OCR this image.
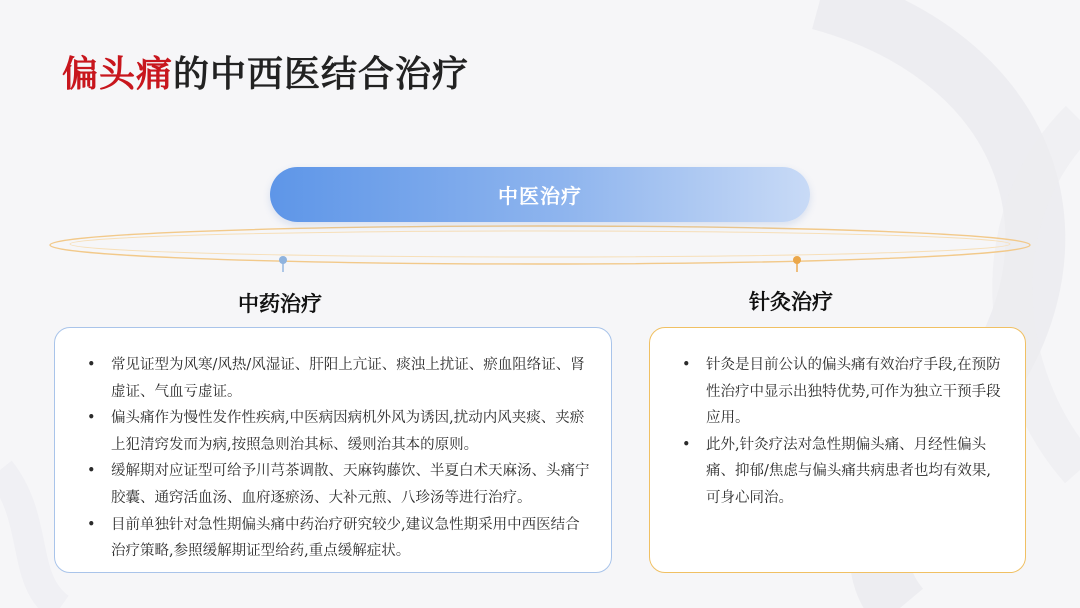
偏头痛的中西医结合治疗
中医治疗
中药治疗	针灸治疗
• 常见证型为风寒/风热/风湿证、肝阳上亢证、痰浊上扰证、瘀血阻络证、肾虚证、气血亏虚证。
• 偏头痛作为慢性发作性疾病,中医病因病机外风为诱因,扰动内风夹痰、夹瘀上犯清窍发而为病,按照急则治其标、缓则治其本的原则。
• 缓解期对应证型可给予川芎茶调散、天麻钩藤饮、半夏白术天麻汤、头痛宁胶囊、通窍活血汤、血府逐瘀汤、大补元煎、八珍汤等进行治疗。
• 目前单独针对急性期偏头痛中药治疗研究较少,建议急性期采用中西医结合治疗策略,参照缓解期证型给药,重点缓解症状。
• 针灸是目前公认的偏头痛有效治疗手段,在预防性治疗中显示出独特优势,可作为独立干预手段应用。
• 此外,针灸疗法对急性期偏头痛、月经性偏头痛、抑郁/焦虑与偏头痛共病患者也均有效果,可身心同治。
